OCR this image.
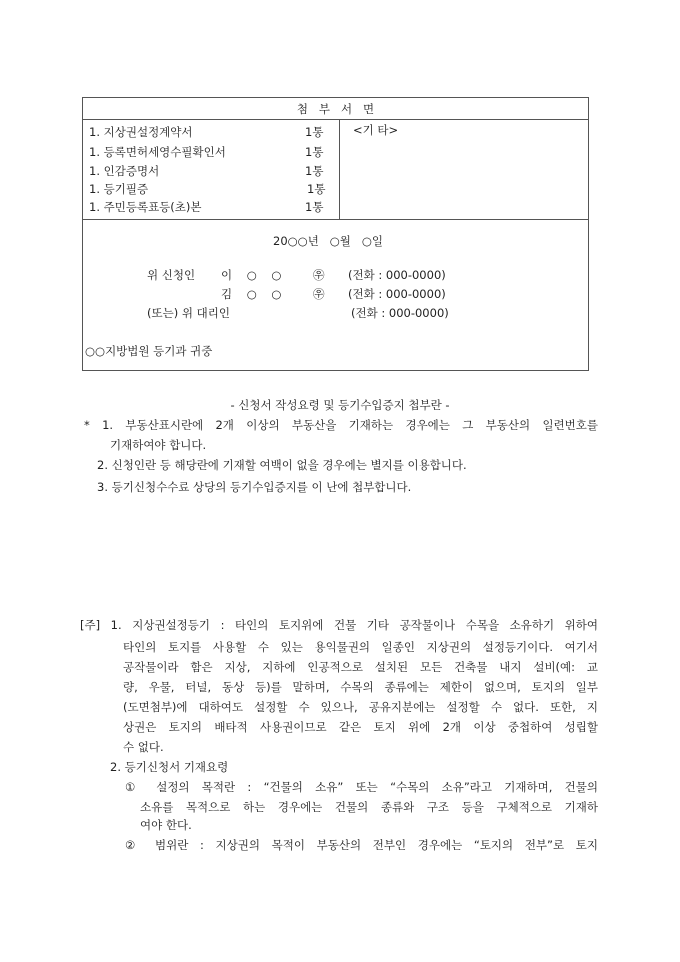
첨   부   서   면
1. 지상권설정계약서	1통
1. 등록면허세영수필확인서	1통
1. 인감증명서	1통
1. 등기필증	1통
1. 주민등록표등(초)본	1통
<기 타>
20○○년   ○월   ○일
위 신청인 이    ○    ○	㉾ (전화 : 000-0000)
김    ○    ○	㉾ (전화 : 000-0000)
(또는) 위 대리인	(전화 : 000-0000)
○○지방법원 등기과 귀중
- 신청서 작성요령 및 등기수입증지 첩부란 -
* 1. 부동산표시란에 2개 이상의 부동산을 기재하는 경우에는 그 부동산의 일련번호를
기재하여야 합니다.
2. 신청인란 등 해당란에 기재할 여백이 없을 경우에는 별지를 이용합니다.
3. 등기신청수수료 상당의 등기수입증지를 이 난에 첩부합니다.
[주] 1. 지상권설정등기 : 타인의 토지위에 건물 기타 공작물이나 수목을 소유하기 위하여
타인의 토지를 사용할 수 있는 용익물권의 일종인 지상권의 설정등기이다. 여기서
공작물이라 함은 지상, 지하에 인공적으로 설치된 모든 건축물 내지 설비(예: 교
량, 우물, 터널, 동상 등)를 말하며, 수목의 종류에는 제한이 없으며, 토지의 일부
(도면첨부)에 대하여도 설정할 수 있으나, 공유지분에는 설정할 수 없다. 또한, 지
상권은 토지의 배타적 사용권이므로 같은 토지 위에 2개 이상 중첩하여 성립할
수 없다.
2. 등기신청서 기재요령
① 설정의 목적란 : “건물의 소유” 또는 “수목의 소유”라고 기재하며, 건물의
소유를 목적으로 하는 경우에는 건물의 종류와 구조 등을 구체적으로 기재하
여야 한다.
② 범위란 : 지상권의 목적이 부동산의 전부인 경우에는 “토지의 전부”로 토지
